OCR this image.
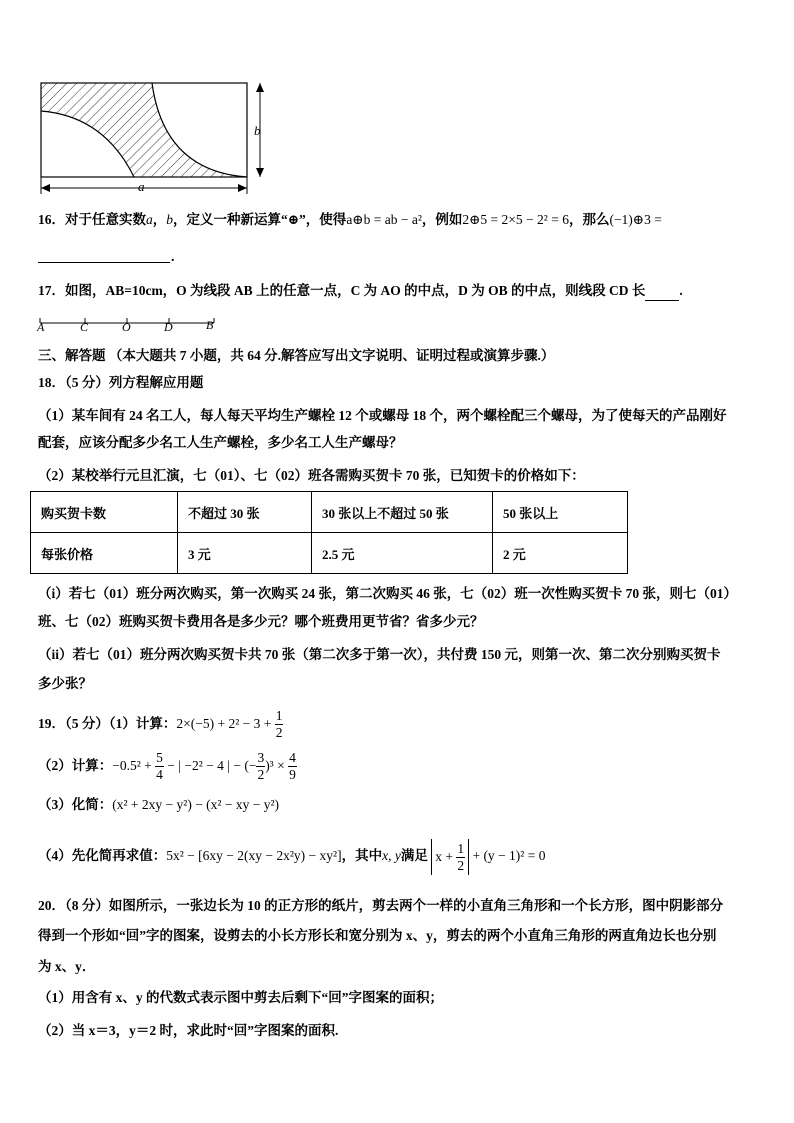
b
a
16．对于任意实数a，b，定义一种新运算“⊕”，使得a⊕b = ab − a²，例如2⊕5 = 2×5 − 2² = 6，那么(−1)⊕3 =
.
17．如图，AB=10cm，O 为线段 AB 上的任意一点，C 为 AO 的中点，D 为 OB 的中点，则线段 CD 长	.
A	C	O	D	B
三、解答题 （本大题共 7 小题，共 64 分.解答应写出文字说明、证明过程或演算步骤.）
18．（5 分）列方程解应用题
（1）某车间有 24 名工人，每人每天平均生产螺栓 12 个或螺母 18 个，两个螺栓配三个螺母，为了使每天的产品刚好
配套，应该分配多少名工人生产螺栓，多少名工人生产螺母？
（2）某校举行元旦汇演，七（01）、七（02）班各需购买贺卡 70 张，已知贺卡的价格如下：
购买贺卡数	不超过 30 张	30 张以上不超过 50 张	50 张以上
每张价格	3 元	2.5 元	2 元
（i）若七（01）班分两次购买，第一次购买 24 张，第二次购买 46 张，七（02）班一次性购买贺卡 70 张，则七（01）
班、七（02）班购买贺卡费用各是多少元？哪个班费用更节省？省多少元？
（ii）若七（01）班分两次购买贺卡共 70 张（第二次多于第一次），共付费 150 元，则第一次、第二次分别购买贺卡
多少张？
19．（5 分）（1）计算：$2\times(-5) + 2^2 - 3 + \frac{1}{2}$
（2）计算：$-0.5^2 + \frac{5}{4}$ − | −2² − 4 | − (− $\frac{3}{2} )^3 \times \frac{4}{9}$
（3）化简：(x² + 2xy − y²) − (x² − xy − y²)
（4）先化简再求值：5x² − [6xy − 2(xy − 2x²y) − xy²]，其中x, y满足 $x + \frac{1}{2} + (y - 1)^2 = 0$
20．（8 分）如图所示，一张边长为 10 的正方形的纸片，剪去两个一样的小直角三角形和一个长方形，图中阴影部分
得到一个形如“回”字的图案，设剪去的小长方形长和宽分别为 x、y，剪去的两个小直角三角形的两直角边长也分别
为 x、y．
（1）用含有 x、y 的代数式表示图中剪去后剩下“回”字图案的面积；
（2）当 x＝3，y＝2 时，求此时“回”字图案的面积.
